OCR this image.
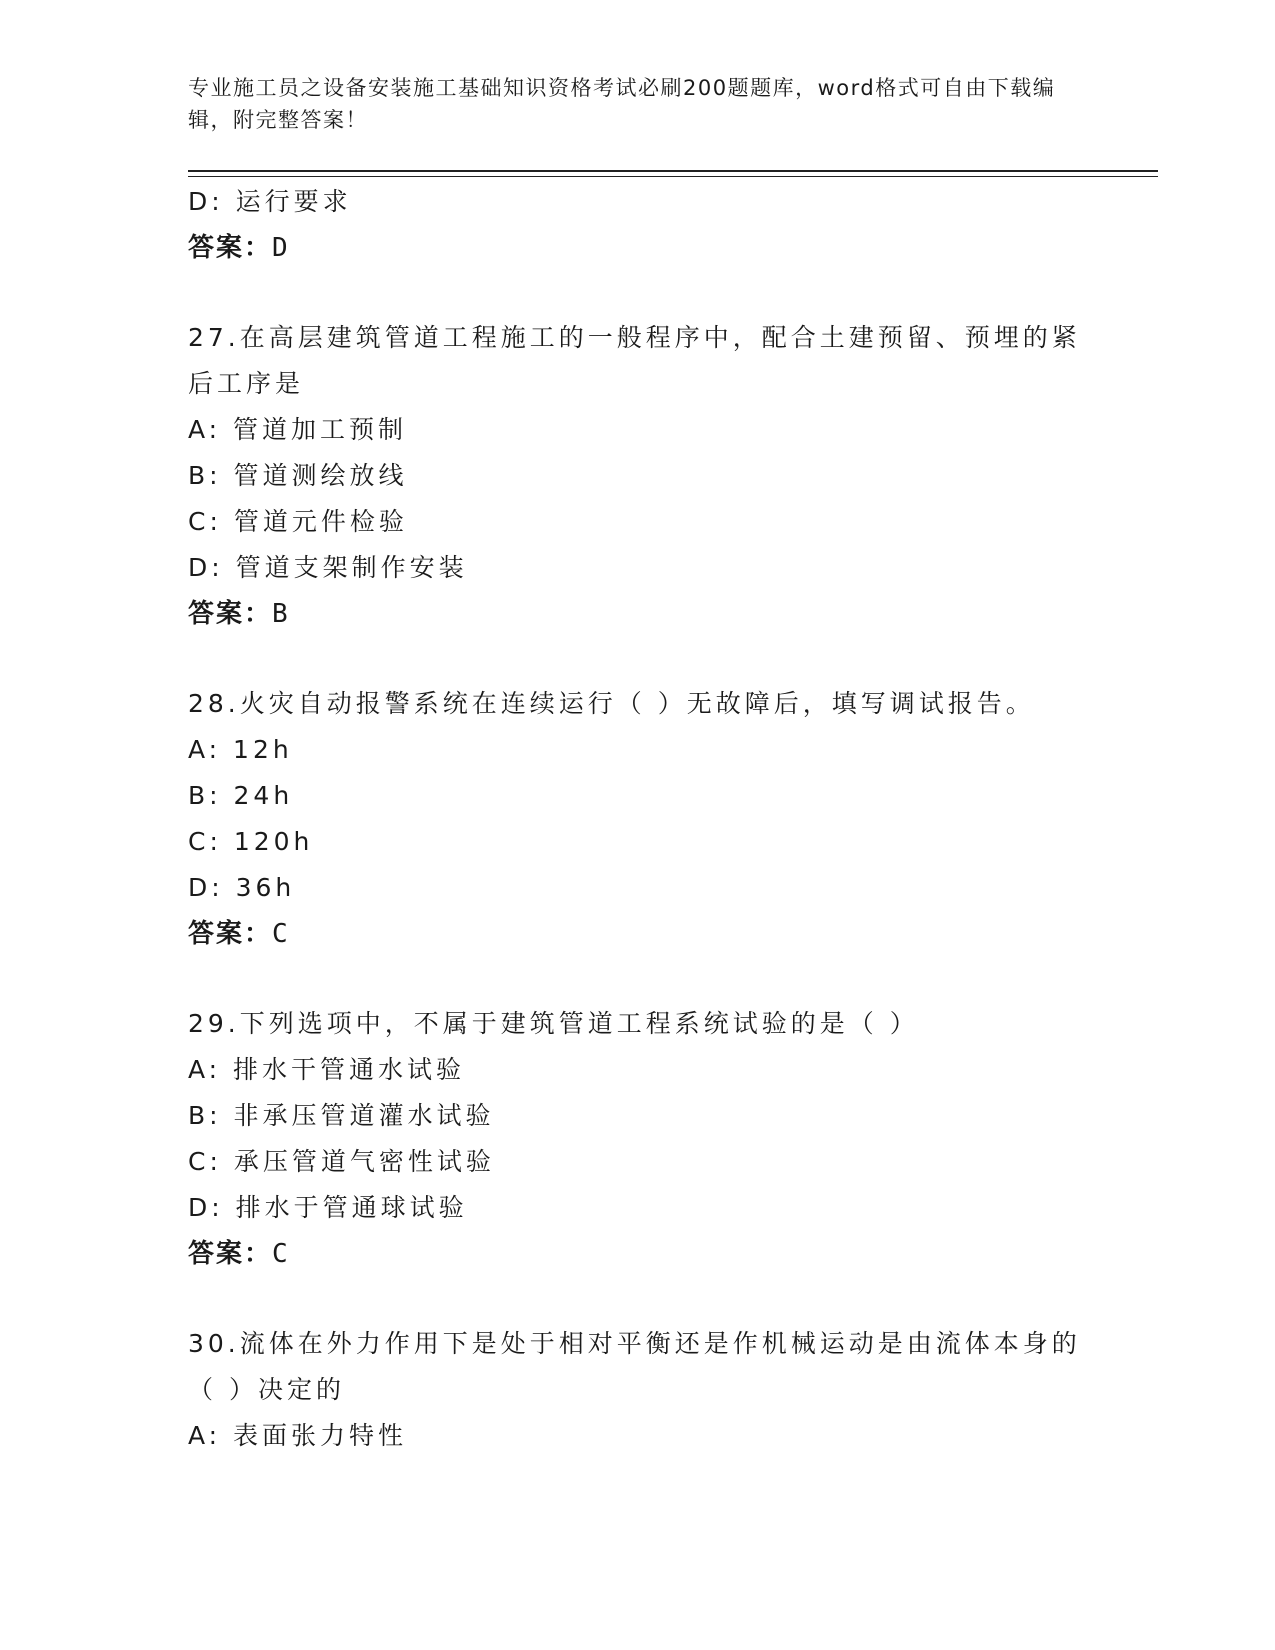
专业施工员之设备安装施工基础知识资格考试必刷200题题库，word格式可自由下载编辑，附完整答案！

D: 运行要求
答案：D
27.在高层建筑管道工程施工的一般程序中，配合土建预留、预埋的紧后工序是
A: 管道加工预制
B: 管道测绘放线
C: 管道元件检验
D: 管道支架制作安装
答案：B
28.火灾自动报警系统在连续运行（ ）无故障后，填写调试报告。
A: 12h
B: 24h
C: 120h
D: 36h
答案：C
29.下列选项中，不属于建筑管道工程系统试验的是（ ）
A: 排水干管通水试验
B: 非承压管道灌水试验
C: 承压管道气密性试验
D: 排水于管通球试验
答案：C
30.流体在外力作用下是处于相对平衡还是作机械运动是由流体本身的（ ）决定的
A: 表面张力特性
